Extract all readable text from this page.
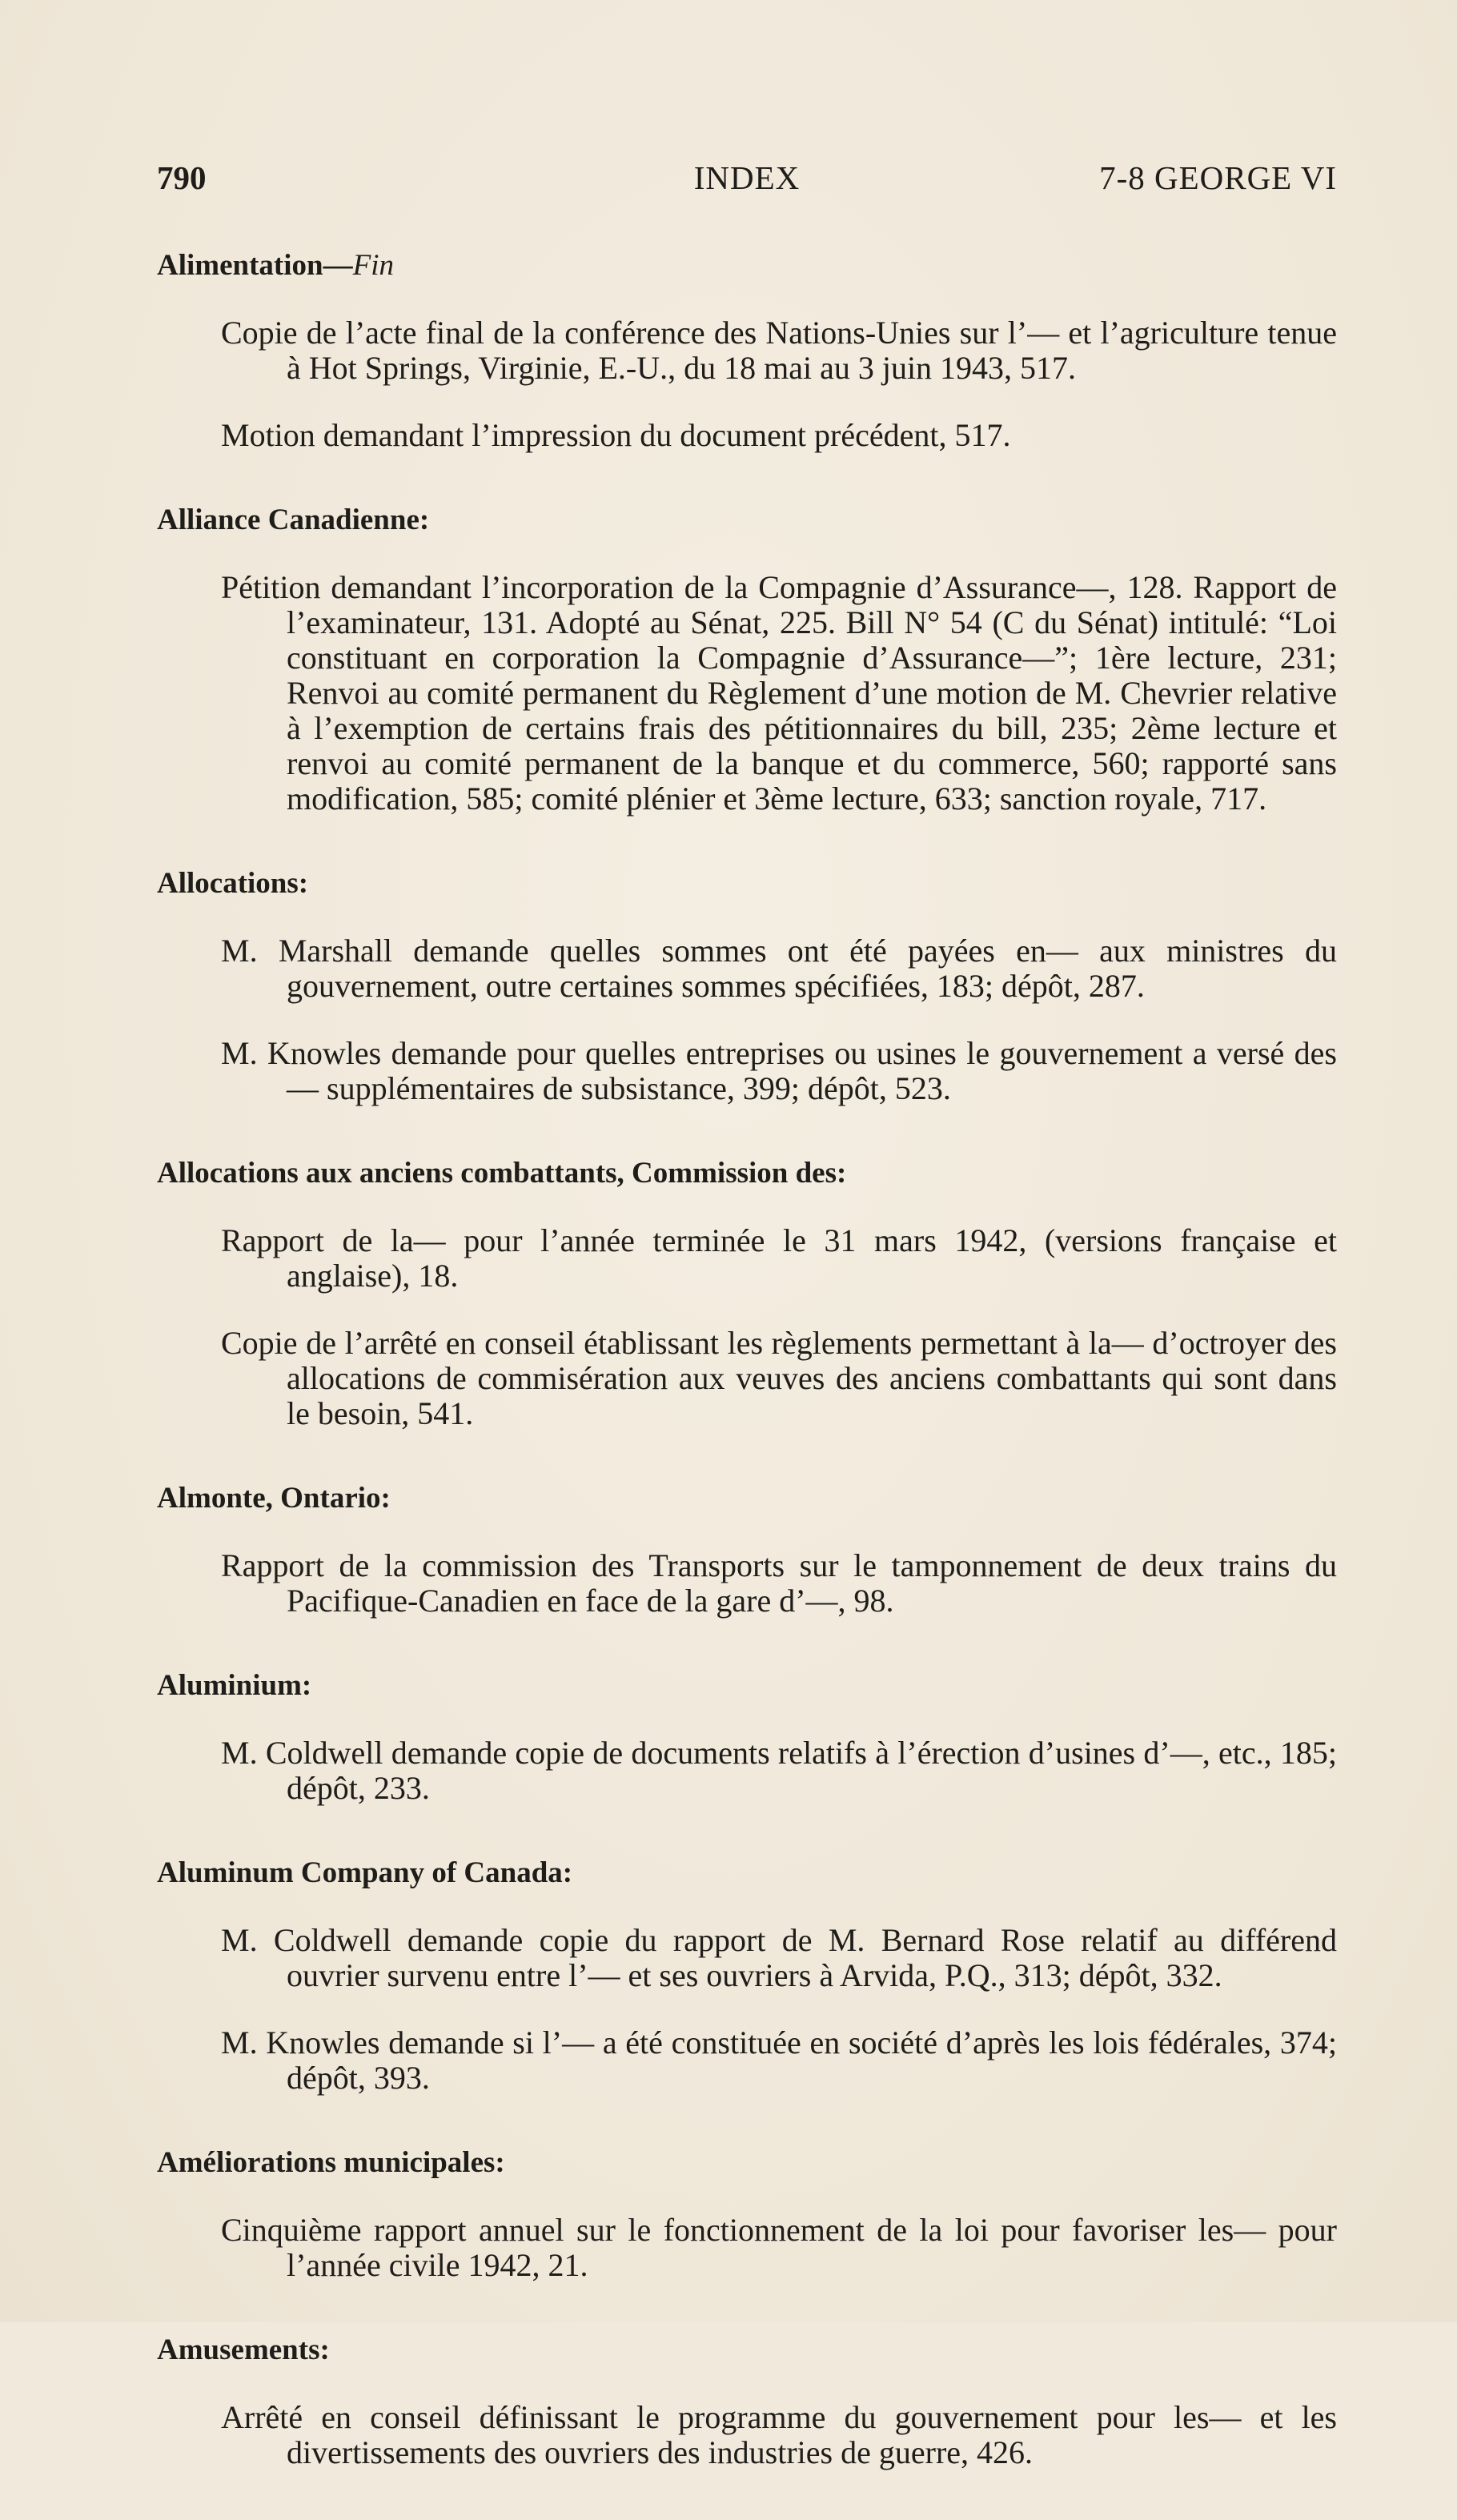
790	INDEX	7-8 GEORGE VI
Alimentation—Fin

Copie de l’acte final de la conférence des Nations-Unies sur l’— et l’agriculture tenue à Hot Springs, Virginie, E.-U., du 18 mai au 3 juin 1943, 517.

Motion demandant l’impression du document précédent, 517.

Alliance Canadienne:

Pétition demandant l’incorporation de la Compagnie d’Assurance—, 128. Rapport de l’examinateur, 131. Adopté au Sénat, 225. Bill N° 54 (C du Sénat) intitulé: “Loi constituant en corporation la Compagnie d’Assurance—”; 1ère lecture, 231; Renvoi au comité permanent du Règlement d’une motion de M. Chevrier relative à l’exemption de certains frais des pétitionnaires du bill, 235; 2ème lecture et renvoi au comité permanent de la banque et du commerce, 560; rapporté sans modification, 585; comité plénier et 3ème lecture, 633; sanction royale, 717.

Allocations:

M. Marshall demande quelles sommes ont été payées en— aux ministres du gouvernement, outre certaines sommes spécifiées, 183; dépôt, 287.

M. Knowles demande pour quelles entreprises ou usines le gouvernement a versé des— supplémentaires de subsistance, 399; dépôt, 523.

Allocations aux anciens combattants, Commission des:

Rapport de la— pour l’année terminée le 31 mars 1942, (versions française et anglaise), 18.

Copie de l’arrêté en conseil établissant les règlements permettant à la— d’octroyer des allocations de commisération aux veuves des anciens combattants qui sont dans le besoin, 541.

Almonte, Ontario:

Rapport de la commission des Transports sur le tamponnement de deux trains du Pacifique-Canadien en face de la gare d’—, 98.

Aluminium:

M. Coldwell demande copie de documents relatifs à l’érection d’usines d’—, etc., 185; dépôt, 233.

Aluminum Company of Canada:

M. Coldwell demande copie du rapport de M. Bernard Rose relatif au différend ouvrier survenu entre l’— et ses ouvriers à Arvida, P.Q., 313; dépôt, 332.

M. Knowles demande si l’— a été constituée en société d’après les lois fédérales, 374; dépôt, 393.

Améliorations municipales:

Cinquième rapport annuel sur le fonctionnement de la loi pour favoriser les— pour l’année civile 1942, 21.

Amusements:

Arrêté en conseil définissant le programme du gouvernement pour les— et les divertissements des ouvriers des industries de guerre, 426.
